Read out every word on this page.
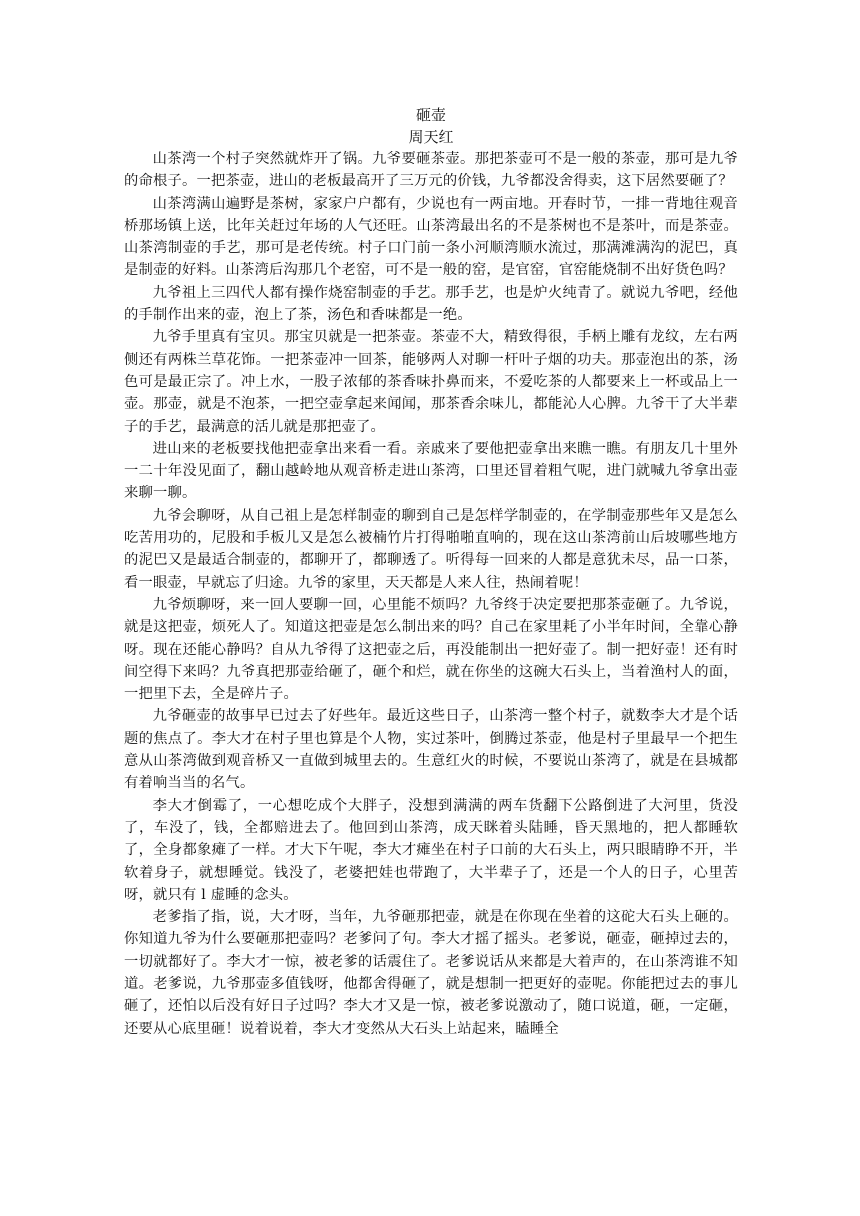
砸壶
周天红

山茶湾一个村子突然就炸开了锅。九爷要砸茶壶。那把茶壶可不是一般的茶壶，那可是九爷的命根子。一把茶壶，进山的老板最高开了三万元的价钱，九爷都没舍得卖，这下居然要砸了？

山茶湾满山遍野是茶树，家家户户都有，少说也有一两亩地。开春时节，一排一背地往观音桥那场镇上送，比年关赶过年场的人气还旺。山茶湾最出名的不是茶树也不是茶叶，而是茶壶。山茶湾制壶的手艺，那可是老传统。村子口门前一条小河顺湾顺水流过，那满滩满沟的泥巴，真是制壶的好料。山茶湾后沟那几个老窑，可不是一般的窑，是官窑，官窑能烧制不出好货色吗？

九爷祖上三四代人都有操作烧窑制壶的手艺。那手艺，也是炉火纯青了。就说九爷吧，经他的手制作出来的壶，泡上了茶，汤色和香味都是一绝。

九爷手里真有宝贝。那宝贝就是一把茶壶。茶壶不大，精致得很，手柄上雕有龙纹，左右两侧还有两株兰草花饰。一把茶壶冲一回茶，能够两人对聊一杆叶子烟的功夫。那壶泡出的茶，汤色可是最正宗了。冲上水，一股子浓郁的茶香味扑鼻而来，不爱吃茶的人都要来上一杯或品上一壶。那壶，就是不泡茶，一把空壶拿起来闻闻，那茶香余味儿，都能沁人心脾。九爷干了大半辈子的手艺，最满意的活儿就是那把壶了。

进山来的老板要找他把壶拿出来看一看。亲戚来了要他把壶拿出来瞧一瞧。有朋友几十里外一二十年没见面了，翻山越岭地从观音桥走进山茶湾，口里还冒着粗气呢，进门就喊九爷拿出壶来聊一聊。

九爷会聊呀，从自己祖上是怎样制壶的聊到自己是怎样学制壶的，在学制壶那些年又是怎么吃苦用功的，尼股和手板儿又是怎么被楠竹片打得啪啪直响的，现在这山茶湾前山后坡哪些地方的泥巴又是最适合制壶的，都聊开了，都聊透了。听得每一回来的人都是意犹未尽，品一口茶，看一眼壶，早就忘了归途。九爷的家里，天天都是人来人往，热闹着呢！

九爷烦聊呀，来一回人要聊一回，心里能不烦吗？九爷终于决定要把那茶壶砸了。九爷说，就是这把壶，烦死人了。知道这把壶是怎么制出来的吗？自己在家里耗了小半年时间，全靠心静呀。现在还能心静吗？自从九爷得了这把壶之后，再没能制出一把好壶了。制一把好壶！还有时间空得下来吗？九爷真把那壶给砸了，砸个和烂，就在你坐的这碗大石头上，当着渔村人的面，一把里下去，全是碎片子。

九爷砸壶的故事早已过去了好些年。最近这些日子，山茶湾一整个村子，就数李大才是个话题的焦点了。李大才在村子里也算是个人物，实过茶叶，倒腾过茶壶，他是村子里最早一个把生意从山茶湾做到观音桥又一直做到城里去的。生意红火的时候，不要说山茶湾了，就是在县城都有着响当当的名气。

李大才倒霉了，一心想吃成个大胖子，没想到满满的两车货翻下公路倒进了大河里，货没了，车没了，钱，全都赔进去了。他回到山茶湾，成天眯着头陆睡，昏天黑地的，把人都睡软了，全身都象瘫了一样。才大下午呢，李大才瘫坐在村子口前的大石头上，两只眼睛睁不开，半软着身子，就想睡觉。钱没了，老婆把娃也带跑了，大半辈子了，还是一个人的日子，心里苦呀，就只有 l 虚睡的念头。

老爹指了指，说，大才呀，当年，九爷砸那把壶，就是在你现在坐着的这砣大石头上砸的。你知道九爷为什么要砸那把壶吗？老爹问了句。李大才摇了摇头。老爹说，砸壶，砸掉过去的，一切就都好了。李大才一惊，被老爹的话震住了。老爹说话从来都是大着声的，在山茶湾谁不知道。老爹说，九爷那壶多值钱呀，他都舍得砸了，就是想制一把更好的壶呢。你能把过去的事儿砸了，还怕以后没有好日子过吗？李大才又是一惊，被老爹说激动了，随口说道，砸，一定砸，还要从心底里砸！说着说着，李大才变然从大石头上站起来，瞌睡全
